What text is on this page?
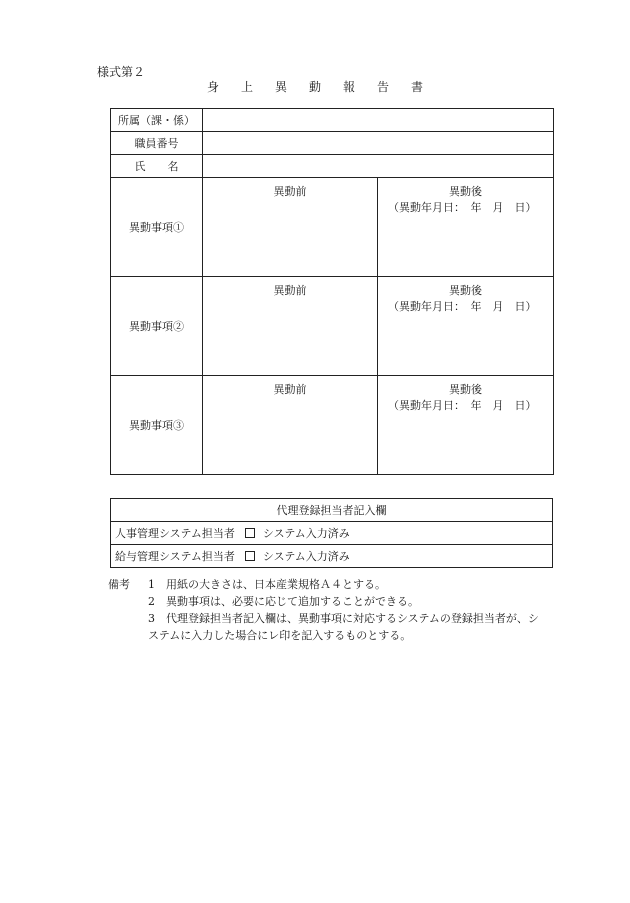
様式第２
身 上 異 動 報 告 書
所属（課・係）		
職員番号		
氏　　名		
異動事項①	異動前	異動後
（異動年月日：　年　月　日）

異動事項②	異動前	異動後
（異動年月日：　年　月　日）

異動事項③	異動前	異動後
（異動年月日：　年　月　日）
代理登録担当者記入欄
人事管理システム担当者	システム入力済み
給与管理システム担当者	システム入力済み
備考	1	用紙の大きさは、日本産業規格Ａ４とする。
2	異動事項は、必要に応じて追加することができる。
3	代理登録担当者記入欄は、異動事項に対応するシステムの登録担当者が、シ
ステムに入力した場合にレ印を記入するものとする。
